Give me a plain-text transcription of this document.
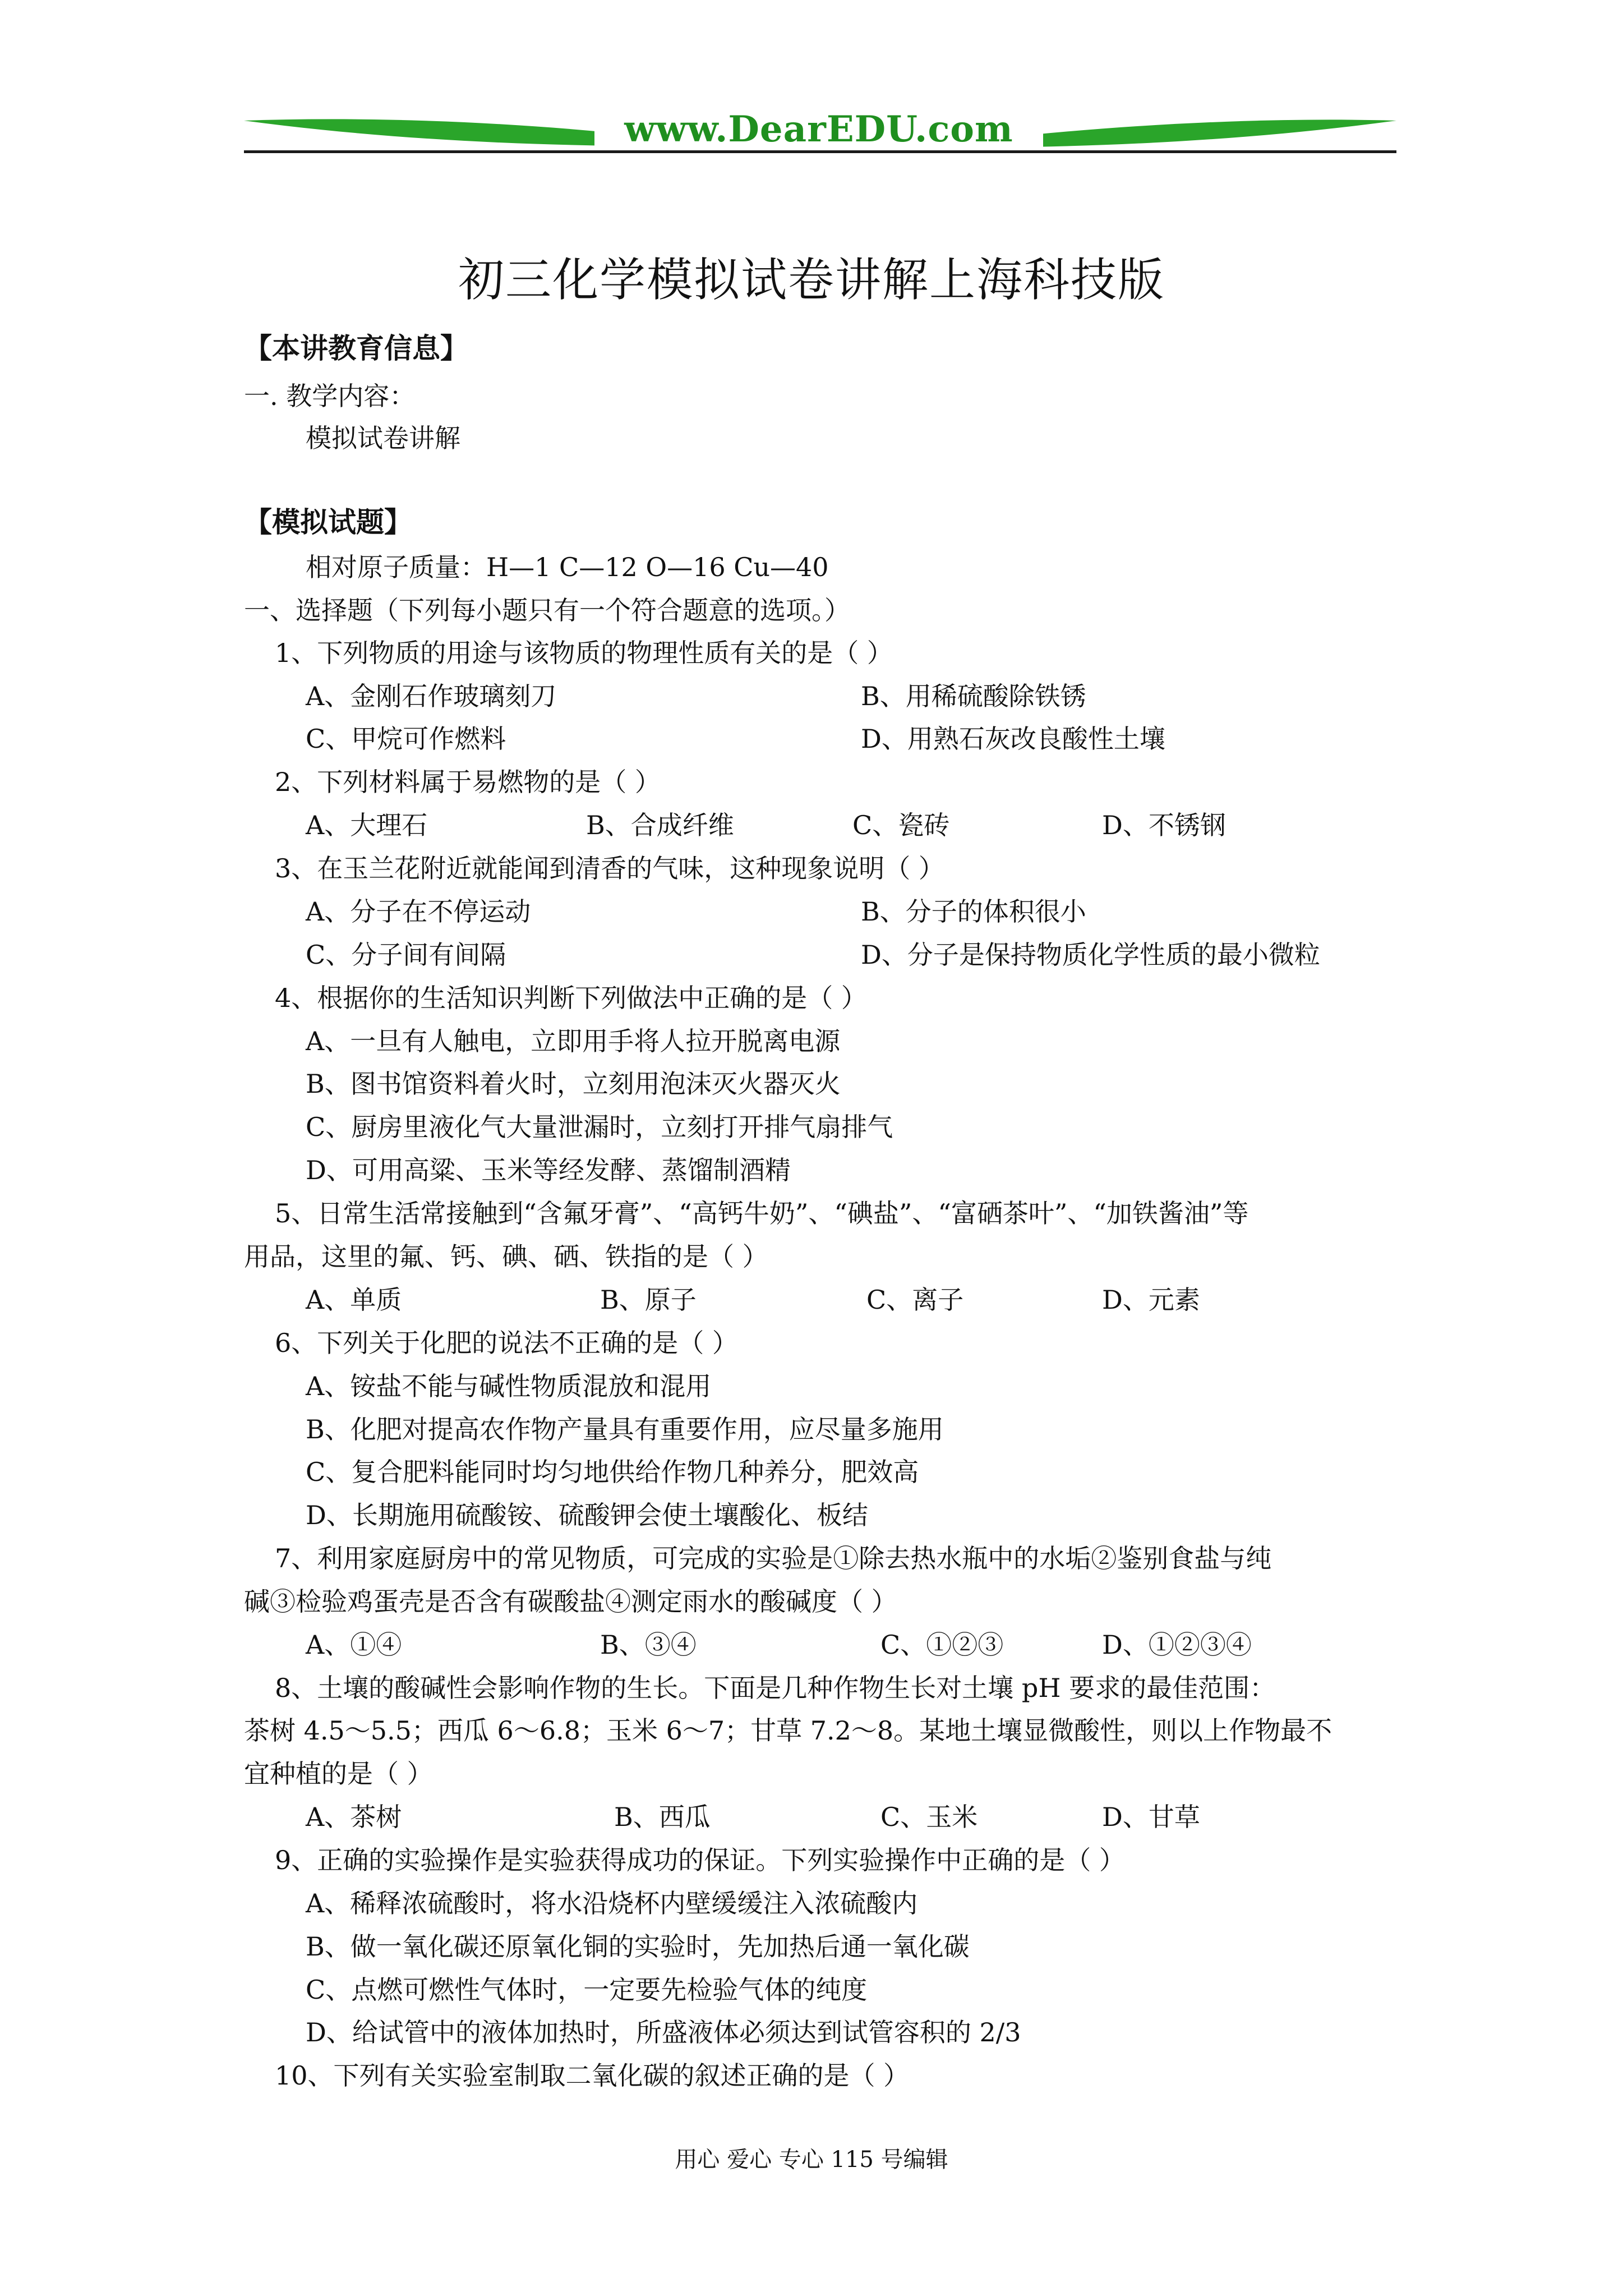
www.DearEDU.com
初三化学模拟试卷讲解上海科技版
【本讲教育信息】
一. 教学内容：
模拟试卷讲解
【模拟试题】
相对原子质量：H—1 C—12 O—16 Cu—40
一、选择题（下列每小题只有一个符合题意的选项。）
1、下列物质的用途与该物质的物理性质有关的是（ ）
A、金刚石作玻璃刻刀	B、用稀硫酸除铁锈
C、甲烷可作燃料	D、用熟石灰改良酸性土壤
2、下列材料属于易燃物的是（ ）
A、大理石	B、合成纤维	C、瓷砖	D、不锈钢
3、在玉兰花附近就能闻到清香的气味，这种现象说明（ ）
A、分子在不停运动	B、分子的体积很小
C、分子间有间隔	D、分子是保持物质化学性质的最小微粒
4、根据你的生活知识判断下列做法中正确的是（ ）
A、一旦有人触电，立即用手将人拉开脱离电源
B、图书馆资料着火时，立刻用泡沫灭火器灭火
C、厨房里液化气大量泄漏时，立刻打开排气扇排气
D、可用高粱、玉米等经发酵、蒸馏制酒精
5、日常生活常接触到“含氟牙膏”、“高钙牛奶”、“碘盐”、“富硒茶叶”、“加铁酱油”等
用品，这里的氟、钙、碘、硒、铁指的是（ ）
A、单质	B、原子	C、离子	D、元素
6、下列关于化肥的说法不正确的是（ ）
A、铵盐不能与碱性物质混放和混用
B、化肥对提高农作物产量具有重要作用，应尽量多施用
C、复合肥料能同时均匀地供给作物几种养分，肥效高
D、长期施用硫酸铵、硫酸钾会使土壤酸化、板结
7、利用家庭厨房中的常见物质，可完成的实验是①除去热水瓶中的水垢②鉴别食盐与纯
碱③检验鸡蛋壳是否含有碳酸盐④测定雨水的酸碱度（ ）
A、①④	B、③④	C、①②③	D、①②③④
8、土壤的酸碱性会影响作物的生长。下面是几种作物生长对土壤 pH 要求的最佳范围：
茶树 4.5～5.5；西瓜 6～6.8；玉米 6～7；甘草 7.2～8。某地土壤显微酸性，则以上作物最不
宜种植的是（ ）
A、茶树	B、西瓜	C、玉米	D、甘草
9、正确的实验操作是实验获得成功的保证。下列实验操作中正确的是（ ）
A、稀释浓硫酸时，将水沿烧杯内壁缓缓注入浓硫酸内
B、做一氧化碳还原氧化铜的实验时，先加热后通一氧化碳
C、点燃可燃性气体时，一定要先检验气体的纯度
D、给试管中的液体加热时，所盛液体必须达到试管容积的 2/3
10、下列有关实验室制取二氧化碳的叙述正确的是（ ）
用心 爱心 专心 115 号编辑
